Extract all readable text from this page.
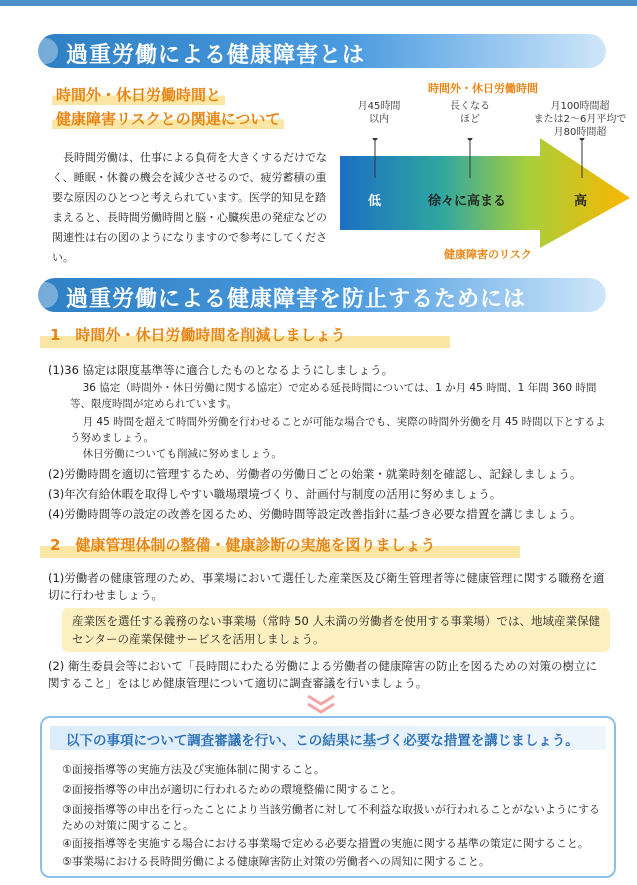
過重労働による健康障害とは
時間外・休日労働時間と
健康障害リスクとの関連について
長時間労働は、仕事による負荷を大きくするだけでなく、睡眠・休養の機会を減少させるので、疲労蓄積の重要な原因のひとつと考えられています。医学的知見を踏まえると、長時間労働時間と脳・心臓疾患の発症などの関連性は右の図のようになりますので参考にしてください。
時間外・休日労働時間
月45時間
以内
長くなる
ほど
月100時間超
または2〜6月平均で
月80時間超
低	徐々に高まる	高
健康障害のリスク
過重労働による健康障害を防止するためには
1　時間外・休日労働時間を削減しましょう
(1)36 協定は限度基準等に適合したものとなるようにしましょう。
36 協定（時間外・休日労働に関する協定）で定める延長時間については、1 か月 45 時間、1 年間 360 時間等、限度時間が定められています。
月 45 時間を超えて時間外労働を行わせることが可能な場合でも、実際の時間外労働を月 45 時間以下とするよう努めましょう。
休日労働についても削減に努めましょう。
(2)労働時間を適切に管理するため、労働者の労働日ごとの始業・就業時刻を確認し、記録しましょう。
(3)年次有給休暇を取得しやすい職場環境づくり、計画付与制度の活用に努めましょう。
(4)労働時間等の設定の改善を図るため、労働時間等設定改善指針に基づき必要な措置を講じましょう。
2　健康管理体制の整備・健康診断の実施を図りましょう
(1)労働者の健康管理のため、事業場において選任した産業医及び衛生管理者等に健康管理に関する職務を適切に行わせましょう。
産業医を選任する義務のない事業場（常時 50 人未満の労働者を使用する事業場）では、地域産業保健センターの産業保健サービスを活用しましょう。
(2) 衛生委員会等において「長時間にわたる労働による労働者の健康障害の防止を図るための対策の樹立に関すること」をはじめ健康管理について適切に調査審議を行いましょう。
以下の事項について調査審議を行い、この結果に基づく必要な措置を講じましょう。
①面接指導等の実施方法及び実施体制に関すること。
②面接指導等の申出が適切に行われるための環境整備に関すること。
③面接指導等の申出を行ったことにより当該労働者に対して不利益な取扱いが行われることがないようにするための対策に関すること。
④面接指導等を実施する場合における事業場で定める必要な措置の実施に関する基準の策定に関すること。
⑤事業場における長時間労働による健康障害防止対策の労働者への周知に関すること。
